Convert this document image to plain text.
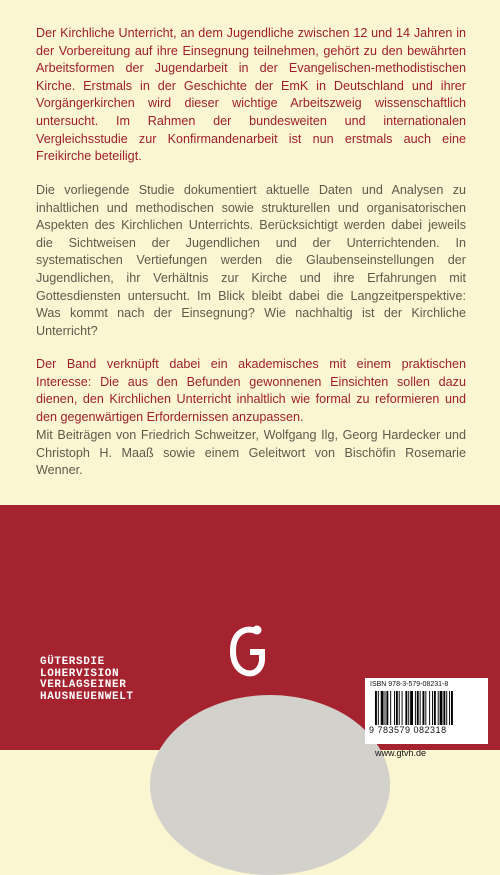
Der Kirchliche Unterricht, an dem Jugendliche zwischen 12 und 14 Jahren in der Vorbereitung auf ihre Einsegnung teilnehmen, gehört zu den bewährten Arbeitsformen der Jugendarbeit in der Evangelischen-methodistischen Kirche. Erstmals in der Geschichte der EmK in Deutschland und ihrer Vorgängerkirchen wird dieser wichtige Arbeitszweig wissenschaftlich untersucht. Im Rahmen der bundesweiten und internationalen Vergleichsstudie zur Konfirmandenarbeit ist nun erstmals auch eine Freikirche beteiligt.

Die vorliegende Studie dokumentiert aktuelle Daten und Analysen zu inhaltlichen und methodischen sowie strukturellen und organisatorischen Aspekten des Kirchlichen Unterrichts. Berücksichtigt werden dabei jeweils die Sichtweisen der Jugendlichen und der Unterrichtenden. In systematischen Vertiefungen werden die Glaubenseinstellungen der Jugendlichen, ihr Verhältnis zur Kirche und ihre Erfahrungen mit Gottesdiensten untersucht. Im Blick bleibt dabei die Langzeitperspektive: Was kommt nach der Einsegnung? Wie nachhaltig ist der Kirchliche Unterricht?

Der Band verknüpft dabei ein akademisches mit einem praktischen Interesse: Die aus den Befunden gewonnenen Einsichten sollen dazu dienen, den Kirchlichen Unterricht inhaltlich wie formal zu reformieren und den gegenwärtigen Erfordernissen anzupassen.

Mit Beiträgen von Friedrich Schweitzer, Wolfgang Ilg, Georg Hardecker und Christoph H. Maaß sowie einem Geleitwort von Bischöfin Rosemarie Wenner.

GÜTERSDIE
LOHERVISION
VERLAGSEINER
HAUSNEUENWELT
ISBN 978-3-579-08231-8
9 783579 082318
www.gtvh.de
